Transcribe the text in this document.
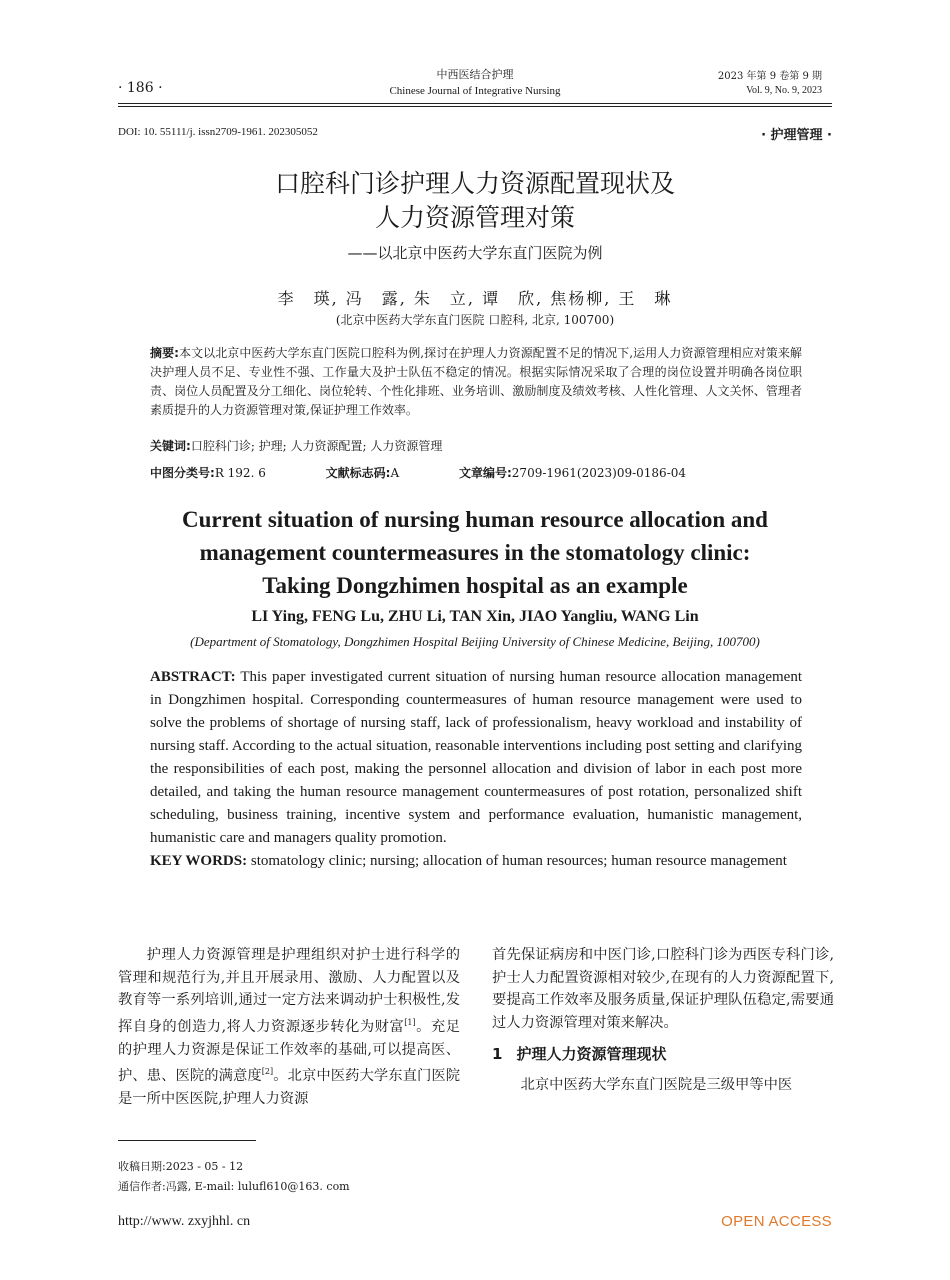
· 186 ·
中西医结合护理
Chinese Journal of Integrative Nursing
2023 年第 9 卷第 9 期
Vol. 9, No. 9, 2023
DOI: 10. 55111/j. issn2709-1961. 202305052	· 护理管理 ·
口腔科门诊护理人力资源配置现状及
人力资源管理对策
——以北京中医药大学东直门医院为例
李　瑛, 冯　露, 朱　立, 谭　欣, 焦杨柳, 王　琳
(北京中医药大学东直门医院 口腔科, 北京, 100700)
摘要:本文以北京中医药大学东直门医院口腔科为例,探讨在护理人力资源配置不足的情况下,运用人力资源管理相应对策来解决护理人员不足、专业性不强、工作量大及护士队伍不稳定的情况。根据实际情况采取了合理的岗位设置并明确各岗位职责、岗位人员配置及分工细化、岗位轮转、个性化排班、业务培训、激励制度及绩效考核、人性化管理、人文关怀、管理者素质提升的人力资源管理对策,保证护理工作效率。
关键词:口腔科门诊; 护理; 人力资源配置; 人力资源管理
中图分类号:R 192. 6	文献标志码:A	文章编号:2709-1961(2023)09-0186-04
Current situation of nursing human resource allocation and
management countermeasures in the stomatology clinic:
Taking Dongzhimen hospital as an example
LI Ying, FENG Lu, ZHU Li, TAN Xin, JIAO Yangliu, WANG Lin
(Department of Stomatology, Dongzhimen Hospital Beijing University of Chinese Medicine, Beijing, 100700)
ABSTRACT: This paper investigated current situation of nursing human resource allocation management in Dongzhimen hospital. Corresponding countermeasures of human resource management were used to solve the problems of shortage of nursing staff, lack of professionalism, heavy workload and instability of nursing staff. According to the actual situation, reasonable interventions including post setting and clarifying the responsibilities of each post, making the personnel allocation and division of labor in each post more detailed, and taking the human resource management countermeasures of post rotation, personalized shift scheduling, business training, incentive system and performance evaluation, humanistic management, humanistic care and managers quality promotion.
KEY WORDS: stomatology clinic; nursing; allocation of human resources; human resource management
护理人力资源管理是护理组织对护士进行科学的管理和规范行为,并且开展录用、激励、人力配置以及教育等一系列培训,通过一定方法来调动护士积极性,发挥自身的创造力,将人力资源逐步转化为财富[1]。充足的护理人力资源是保证工作效率的基础,可以提高医、护、患、医院的满意度[2]。北京中医药大学东直门医院是一所中医医院,护理人力资源
首先保证病房和中医门诊,口腔科门诊为西医专科门诊,护士人力配置资源相对较少,在现有的人力资源配置下,要提高工作效率及服务质量,保证护理队伍稳定,需要通过人力资源管理对策来解决。
1 护理人力资源管理现状
北京中医药大学东直门医院是三级甲等中医
收稿日期:2023 - 05 - 12
通信作者:冯露, E-mail: lulufl610@163. com
http://www. zxyjhhl. cn	OPEN ACCESS
